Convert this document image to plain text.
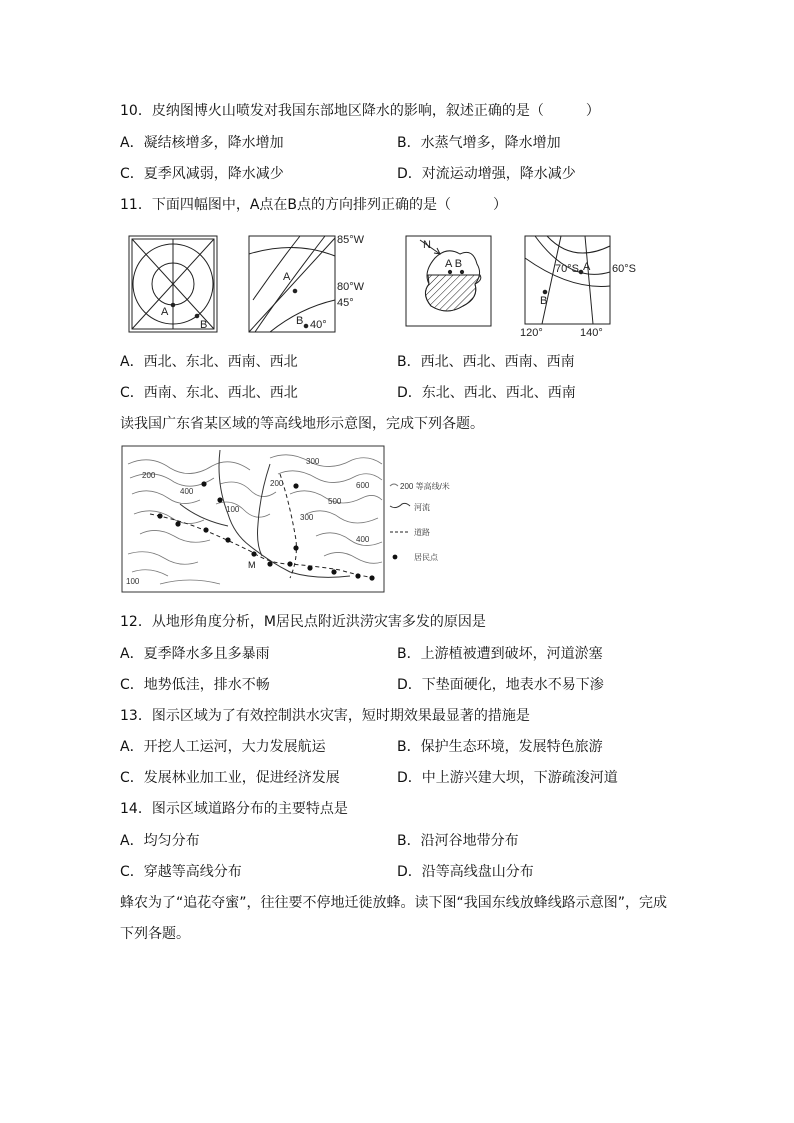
10．皮纳图博火山喷发对我国东部地区降水的影响，叙述正确的是（　　　）
A．凝结核增多，降水增加	B．水蒸气增多，降水增加
C．夏季风减弱，降水减少	D．对流运动增强，降水减少
11．下面四幅图中，A点在B点的方向排列正确的是（　　　）
A
B
A
B
85°W
80°W
45°
40°
N
A B	A
B
70°S	60°S
120°	140°
A．西北、东北、西南、西北	B．西北、西北、西南、西南
C．西南、东北、西北、西北	D．东北、西北、西北、西南
读我国广东省某区域的等高线地形示意图，完成下列各题。
200
400
300
200	600
500
300
400
100
M
100
200 等高线/米
河流
道路
居民点
12．从地形角度分析，M居民点附近洪涝灾害多发的原因是
A．夏季降水多且多暴雨	B．上游植被遭到破坏，河道淤塞
C．地势低洼，排水不畅	D．下垫面硬化，地表水不易下渗
13．图示区域为了有效控制洪水灾害，短时期效果最显著的措施是
A．开挖人工运河，大力发展航运	B．保护生态环境，发展特色旅游
C．发展林业加工业，促进经济发展	D．中上游兴建大坝，下游疏浚河道
14．图示区域道路分布的主要特点是
A．均匀分布	B．沿河谷地带分布
C．穿越等高线分布	D．沿等高线盘山分布
蜂农为了“追花夺蜜”，往往要不停地迁徙放蜂。读下图“我国东线放蜂线路示意图”，完成
下列各题。
